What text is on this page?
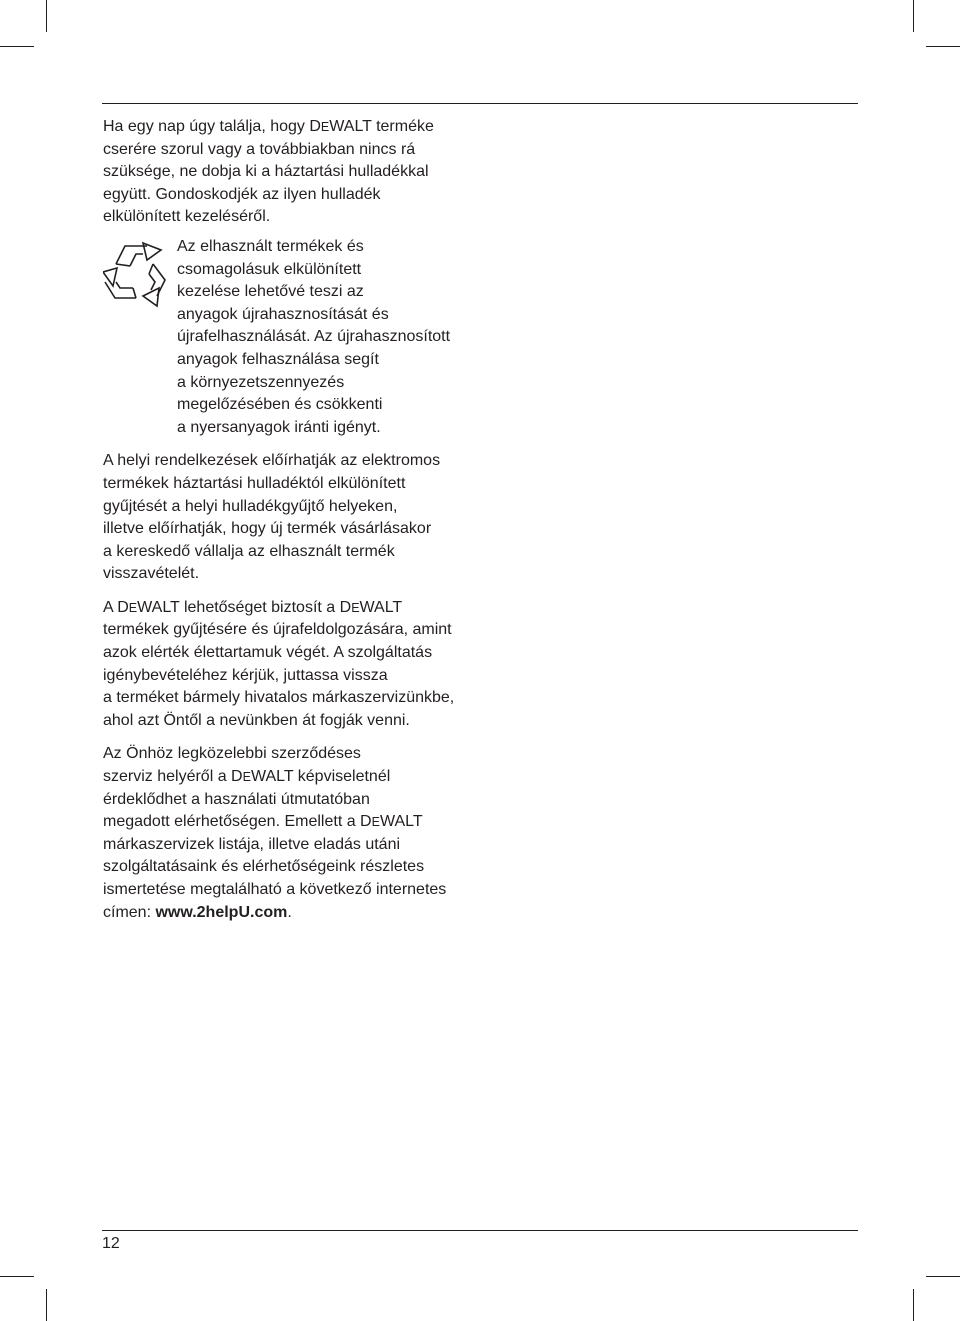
Ha egy nap úgy találja, hogy DEWALT terméke
cserére szorul vagy a továbbiakban nincs rá
szüksége, ne dobja ki a háztartási hulladékkal
együtt. Gondoskodjék az ilyen hulladék
elkülönített kezeléséről.

Az elhasznált termékek és
csomagolásuk elkülönített
kezelése lehetővé teszi az
anyagok újrahasznosítását és
újrafelhasználását. Az újrahasznosított
anyagok felhasználása segít
a környezetszennyezés
megelőzésében és csökkenti
a nyersanyagok iránti igényt.

A helyi rendelkezések előírhatják az elektromos
termékek háztartási hulladéktól elkülönített
gyűjtését a helyi hulladékgyűjtő helyeken,
illetve előírhatják, hogy új termék vásárlásakor
a kereskedő vállalja az elhasznált termék
visszavételét.

A DEWALT lehetőséget biztosít a DEWALT
termékek gyűjtésére és újrafeldolgozására, amint
azok elérték élettartamuk végét. A szolgáltatás
igénybevételéhez kérjük, juttassa vissza
a terméket bármely hivatalos márkaszervizünkbe,
ahol azt Öntől a nevünkben át fogják venni.

Az Önhöz legközelebbi szerződéses
szerviz helyéről a DEWALT képviseletnél
érdeklődhet a használati útmutatóban
megadott elérhetőségen. Emellett a DEWALT
márkaszervizek listája, illetve eladás utáni
szolgáltatásaink és elérhetőségeink részletes
ismertetése megtalálható a következő internetes
címen: www.2helpU.com.

12
